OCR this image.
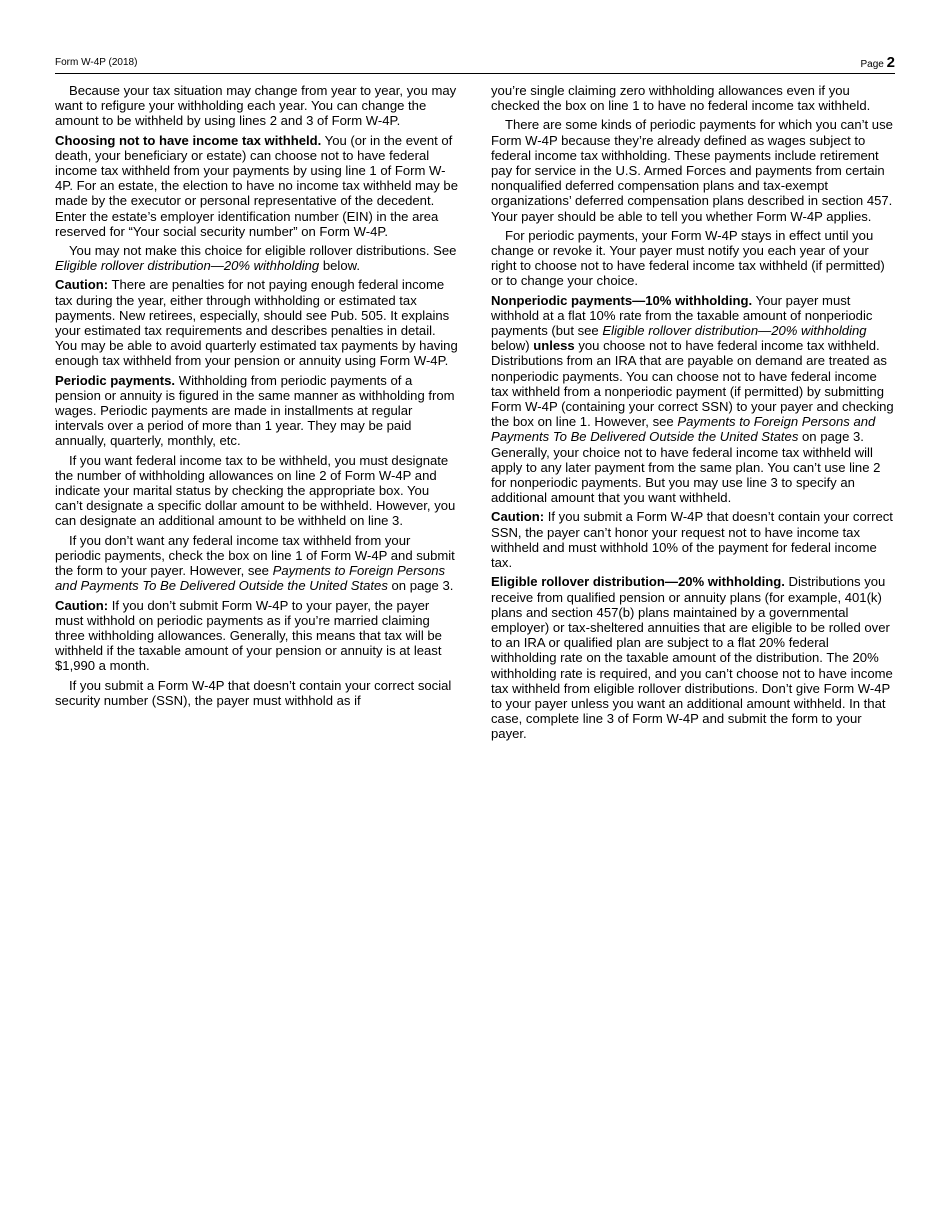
Form W-4P (2018)	Page 2

Because your tax situation may change from year to year, you may want to refigure your withholding each year. You can change the amount to be withheld by using lines 2 and 3 of Form W-4P.

Choosing not to have income tax withheld. You (or in the event of death, your beneficiary or estate) can choose not to have federal income tax withheld from your payments by using line 1 of Form W-4P. For an estate, the election to have no income tax withheld may be made by the executor or personal representative of the decedent. Enter the estate’s employer identification number (EIN) in the area reserved for “Your social security number” on Form W-4P.

You may not make this choice for eligible rollover distributions. See Eligible rollover distribution—20% withholding below.

Caution: There are penalties for not paying enough federal income tax during the year, either through withholding or estimated tax payments. New retirees, especially, should see Pub. 505. It explains your estimated tax requirements and describes penalties in detail. You may be able to avoid quarterly estimated tax payments by having enough tax withheld from your pension or annuity using Form W-4P.

Periodic payments. Withholding from periodic payments of a pension or annuity is figured in the same manner as withholding from wages. Periodic payments are made in installments at regular intervals over a period of more than 1 year. They may be paid annually, quarterly, monthly, etc.

If you want federal income tax to be withheld, you must designate the number of withholding allowances on line 2 of Form W-4P and indicate your marital status by checking the appropriate box. You can’t designate a specific dollar amount to be withheld. However, you can designate an additional amount to be withheld on line 3.

If you don’t want any federal income tax withheld from your periodic payments, check the box on line 1 of Form W-4P and submit the form to your payer. However, see Payments to Foreign Persons and Payments To Be Delivered Outside the United States on page 3.

Caution: If you don’t submit Form W-4P to your payer, the payer must withhold on periodic payments as if you’re married claiming three withholding allowances. Generally, this means that tax will be withheld if the taxable amount of your pension or annuity is at least $1,990 a month.

If you submit a Form W-4P that doesn’t contain your correct social security number (SSN), the payer must withhold as if

you’re single claiming zero withholding allowances even if you checked the box on line 1 to have no federal income tax withheld.

There are some kinds of periodic payments for which you can’t use Form W-4P because they’re already defined as wages subject to federal income tax withholding. These payments include retirement pay for service in the U.S. Armed Forces and payments from certain nonqualified deferred compensation plans and tax-exempt organizations’ deferred compensation plans described in section 457. Your payer should be able to tell you whether Form W-4P applies.

For periodic payments, your Form W-4P stays in effect until you change or revoke it. Your payer must notify you each year of your right to choose not to have federal income tax withheld (if permitted) or to change your choice.

Nonperiodic payments—10% withholding. Your payer must withhold at a flat 10% rate from the taxable amount of nonperiodic payments (but see Eligible rollover distribution—20% withholding below) unless you choose not to have federal income tax withheld. Distributions from an IRA that are payable on demand are treated as nonperiodic payments. You can choose not to have federal income tax withheld from a nonperiodic payment (if permitted) by submitting Form W-4P (containing your correct SSN) to your payer and checking the box on line 1. However, see Payments to Foreign Persons and Payments To Be Delivered Outside the United States on page 3. Generally, your choice not to have federal income tax withheld will apply to any later payment from the same plan. You can’t use line 2 for nonperiodic payments. But you may use line 3 to specify an additional amount that you want withheld.

Caution: If you submit a Form W-4P that doesn’t contain your correct SSN, the payer can’t honor your request not to have income tax withheld and must withhold 10% of the payment for federal income tax.

Eligible rollover distribution—20% withholding. Distributions you receive from qualified pension or annuity plans (for example, 401(k) plans and section 457(b) plans maintained by a governmental employer) or tax-sheltered annuities that are eligible to be rolled over to an IRA or qualified plan are subject to a flat 20% federal withholding rate on the taxable amount of the distribution. The 20% withholding rate is required, and you can’t choose not to have income tax withheld from eligible rollover distributions. Don’t give Form W-4P to your payer unless you want an additional amount withheld. In that case, complete line 3 of Form W-4P and submit the form to your payer.
